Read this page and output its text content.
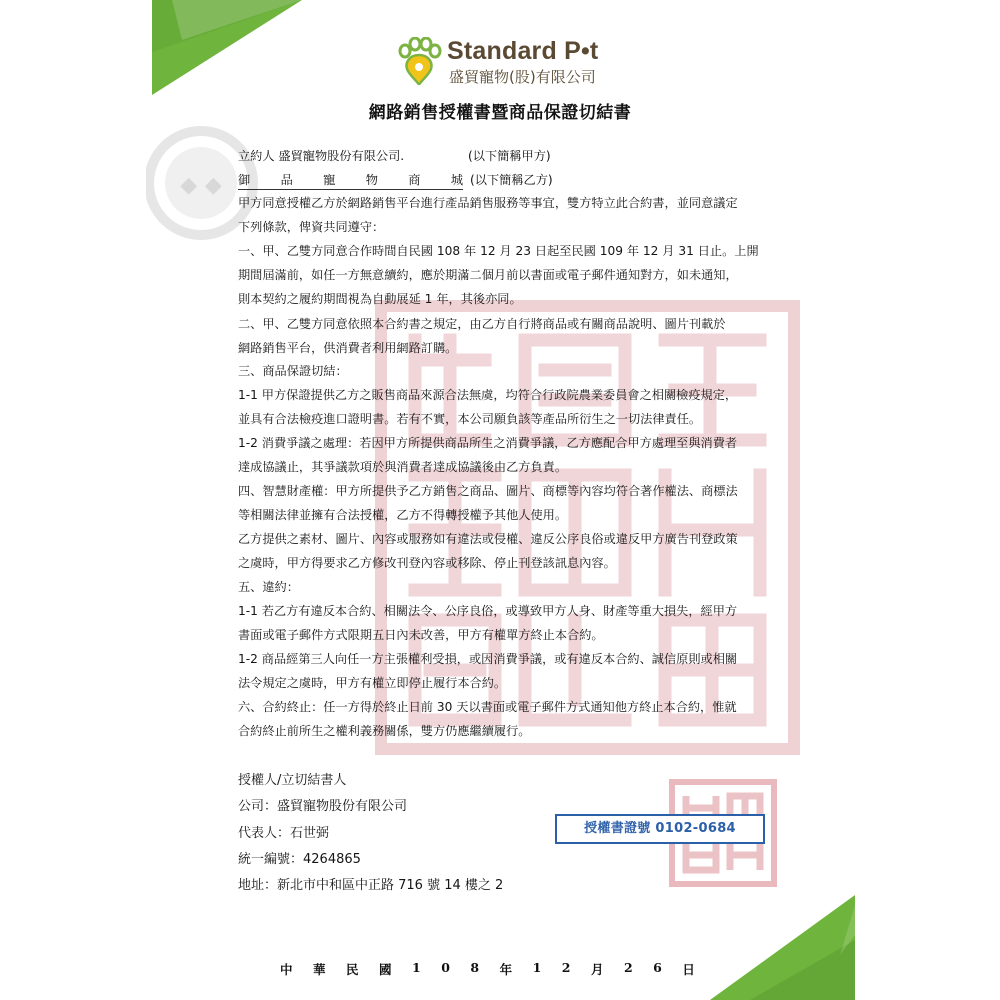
◆ ◆
Standard P•t
盛貿寵物(股)有限公司
網路銷售授權書暨商品保證切結書
立約人 盛貿寵物股份有限公司.	(以下簡稱甲方)
御 品 寵 物 商 城 (以下簡稱乙方)
甲方同意授權乙方於網路銷售平台進行產品銷售服務等事宜，雙方特立此合約書，並同意議定
下列條款，俾資共同遵守：
一、甲、乙雙方同意合作時間自民國 108 年 12 月 23 日起至民國 109 年 12 月 31 日止。上開
期間屆滿前，如任一方無意續約，應於期滿二個月前以書面或電子郵件通知對方，如未通知，
則本契約之履約期間視為自動展延 1 年，其後亦同。
二、甲、乙雙方同意依照本合約書之規定，由乙方自行將商品或有關商品說明、圖片刊載於
網路銷售平台，供消費者利用網路訂購。
三、商品保證切結：
1-1 甲方保證提供乙方之販售商品來源合法無虞，均符合行政院農業委員會之相關檢疫規定，
並具有合法檢疫進口證明書。若有不實，本公司願負該等產品所衍生之一切法律責任。
1-2 消費爭議之處理：若因甲方所提供商品所生之消費爭議，乙方應配合甲方處理至與消費者
達成協議止，其爭議款項於與消費者達成協議後由乙方負責。
四、智慧財產權：甲方所提供予乙方銷售之商品、圖片、商標等內容均符合著作權法、商標法
等相關法律並擁有合法授權，乙方不得轉授權予其他人使用。
乙方提供之素材、圖片、內容或服務如有違法或侵權、違反公序良俗或違反甲方廣告刊登政策
之虞時，甲方得要求乙方修改刊登內容或移除、停止刊登該訊息內容。
五、違約：
1-1 若乙方有違反本合約、相關法令、公序良俗，或導致甲方人身、財產等重大損失，經甲方
書面或電子郵件方式限期五日內未改善，甲方有權單方終止本合約。
1-2 商品經第三人向任一方主張權利受損，或因消費爭議，或有違反本合約、誠信原則或相關
法令規定之虞時，甲方有權立即停止履行本合約。
六、合約終止：任一方得於終止日前 30 天以書面或電子郵件方式通知他方終止本合約，惟就
合約終止前所生之權利義務關係，雙方仍應繼續履行。
授權人/立切結書人
公司：盛貿寵物股份有限公司
代表人：石世弼
統一編號：4264865
地址：新北市中和區中正路 716 號 14 樓之 2
授權書證號 0102-0684
中 華 民 國 1 0 8 年 1 2 月 2 6 日
